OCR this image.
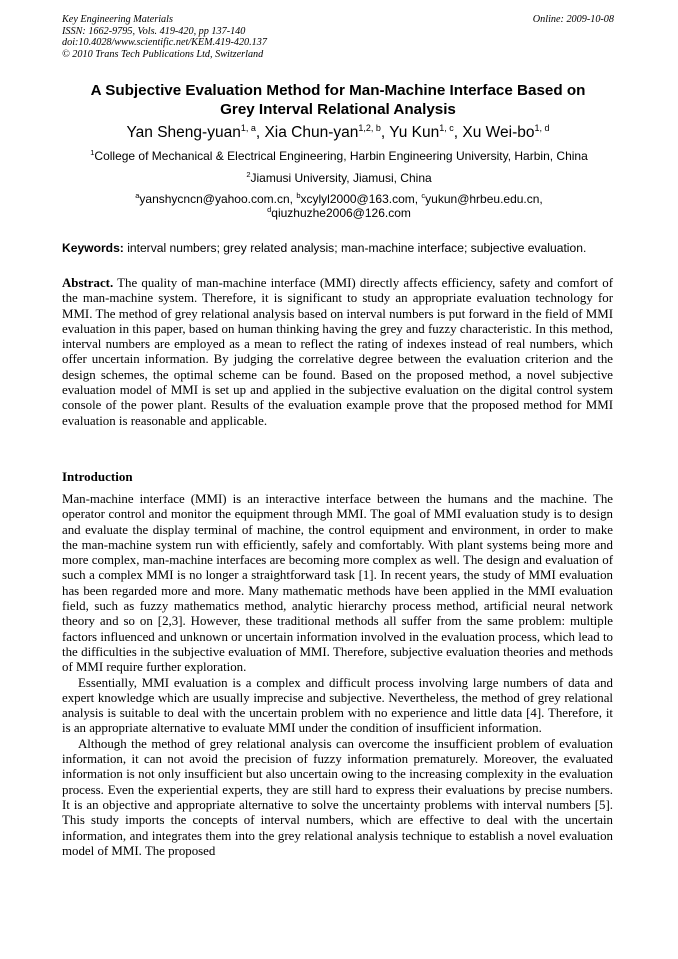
Key Engineering Materials
ISSN: 1662-9795, Vols. 419-420, pp 137-140
doi:10.4028/www.scientific.net/KEM.419-420.137
© 2010 Trans Tech Publications Ltd, Switzerland
Online: 2009-10-08
A Subjective Evaluation Method for Man-Machine Interface Based on
Grey Interval Relational Analysis
Yan Sheng-yuan$^{1, a}$, Xia Chun-yan$^{1,2, b}$, Yu Kun$^{1, c}$, Xu Wei-bo$^{1, d}$
$^1$College of Mechanical & Electrical Engineering, Harbin Engineering University, Harbin, China
$^2$Jiamusi University, Jiamusi, China
$^a$yanshycncn@yahoo.com.cn, $^b$xcylyl2000@163.com, $^c$yukun@hrbeu.edu.cn,
$^d$qiuzhuzhe2006@126.com
Keywords: interval numbers; grey related analysis; man-machine interface; subjective evaluation.
Abstract. The quality of man-machine interface (MMI) directly affects efficiency, safety and comfort of the man-machine system. Therefore, it is significant to study an appropriate evaluation technology for MMI. The method of grey relational analysis based on interval numbers is put forward in the field of MMI evaluation in this paper, based on human thinking having the grey and fuzzy characteristic. In this method, interval numbers are employed as a mean to reflect the rating of indexes instead of real numbers, which offer uncertain information. By judging the correlative degree between the evaluation criterion and the design schemes, the optimal scheme can be found. Based on the proposed method, a novel subjective evaluation model of MMI is set up and applied in the subjective evaluation on the digital control system console of the power plant. Results of the evaluation example prove that the proposed method for MMI evaluation is reasonable and applicable.
Introduction

Man-machine interface (MMI) is an interactive interface between the humans and the machine. The operator control and monitor the equipment through MMI. The goal of MMI evaluation study is to design and evaluate the display terminal of machine, the control equipment and environment, in order to make the man-machine system run with efficiently, safely and comfortably. With plant systems being more and more complex, man-machine interfaces are becoming more complex as well. The design and evaluation of such a complex MMI is no longer a straightforward task [1]. In recent years, the study of MMI evaluation has been regarded more and more. Many mathematic methods have been applied in the MMI evaluation field, such as fuzzy mathematics method, analytic hierarchy process method, artificial neural network theory and so on [2,3]. However, these traditional methods all suffer from the same problem: multiple factors influenced and unknown or uncertain information involved in the evaluation process, which lead to the difficulties in the subjective evaluation of MMI. Therefore, subjective evaluation theories and methods of MMI require further exploration.

Essentially, MMI evaluation is a complex and difficult process involving large numbers of data and expert knowledge which are usually imprecise and subjective. Nevertheless, the method of grey relational analysis is suitable to deal with the uncertain problem with no experience and little data [4]. Therefore, it is an appropriate alternative to evaluate MMI under the condition of insufficient information.

Although the method of grey relational analysis can overcome the insufficient problem of evaluation information, it can not avoid the precision of fuzzy information prematurely. Moreover, the evaluated information is not only insufficient but also uncertain owing to the increasing complexity in the evaluation process. Even the experiential experts, they are still hard to express their evaluations by precise numbers. It is an objective and appropriate alternative to solve the uncertainty problems with interval numbers [5]. This study imports the concepts of interval numbers, which are effective to deal with the uncertain information, and integrates them into the grey relational analysis technique to establish a novel evaluation model of MMI. The proposed
